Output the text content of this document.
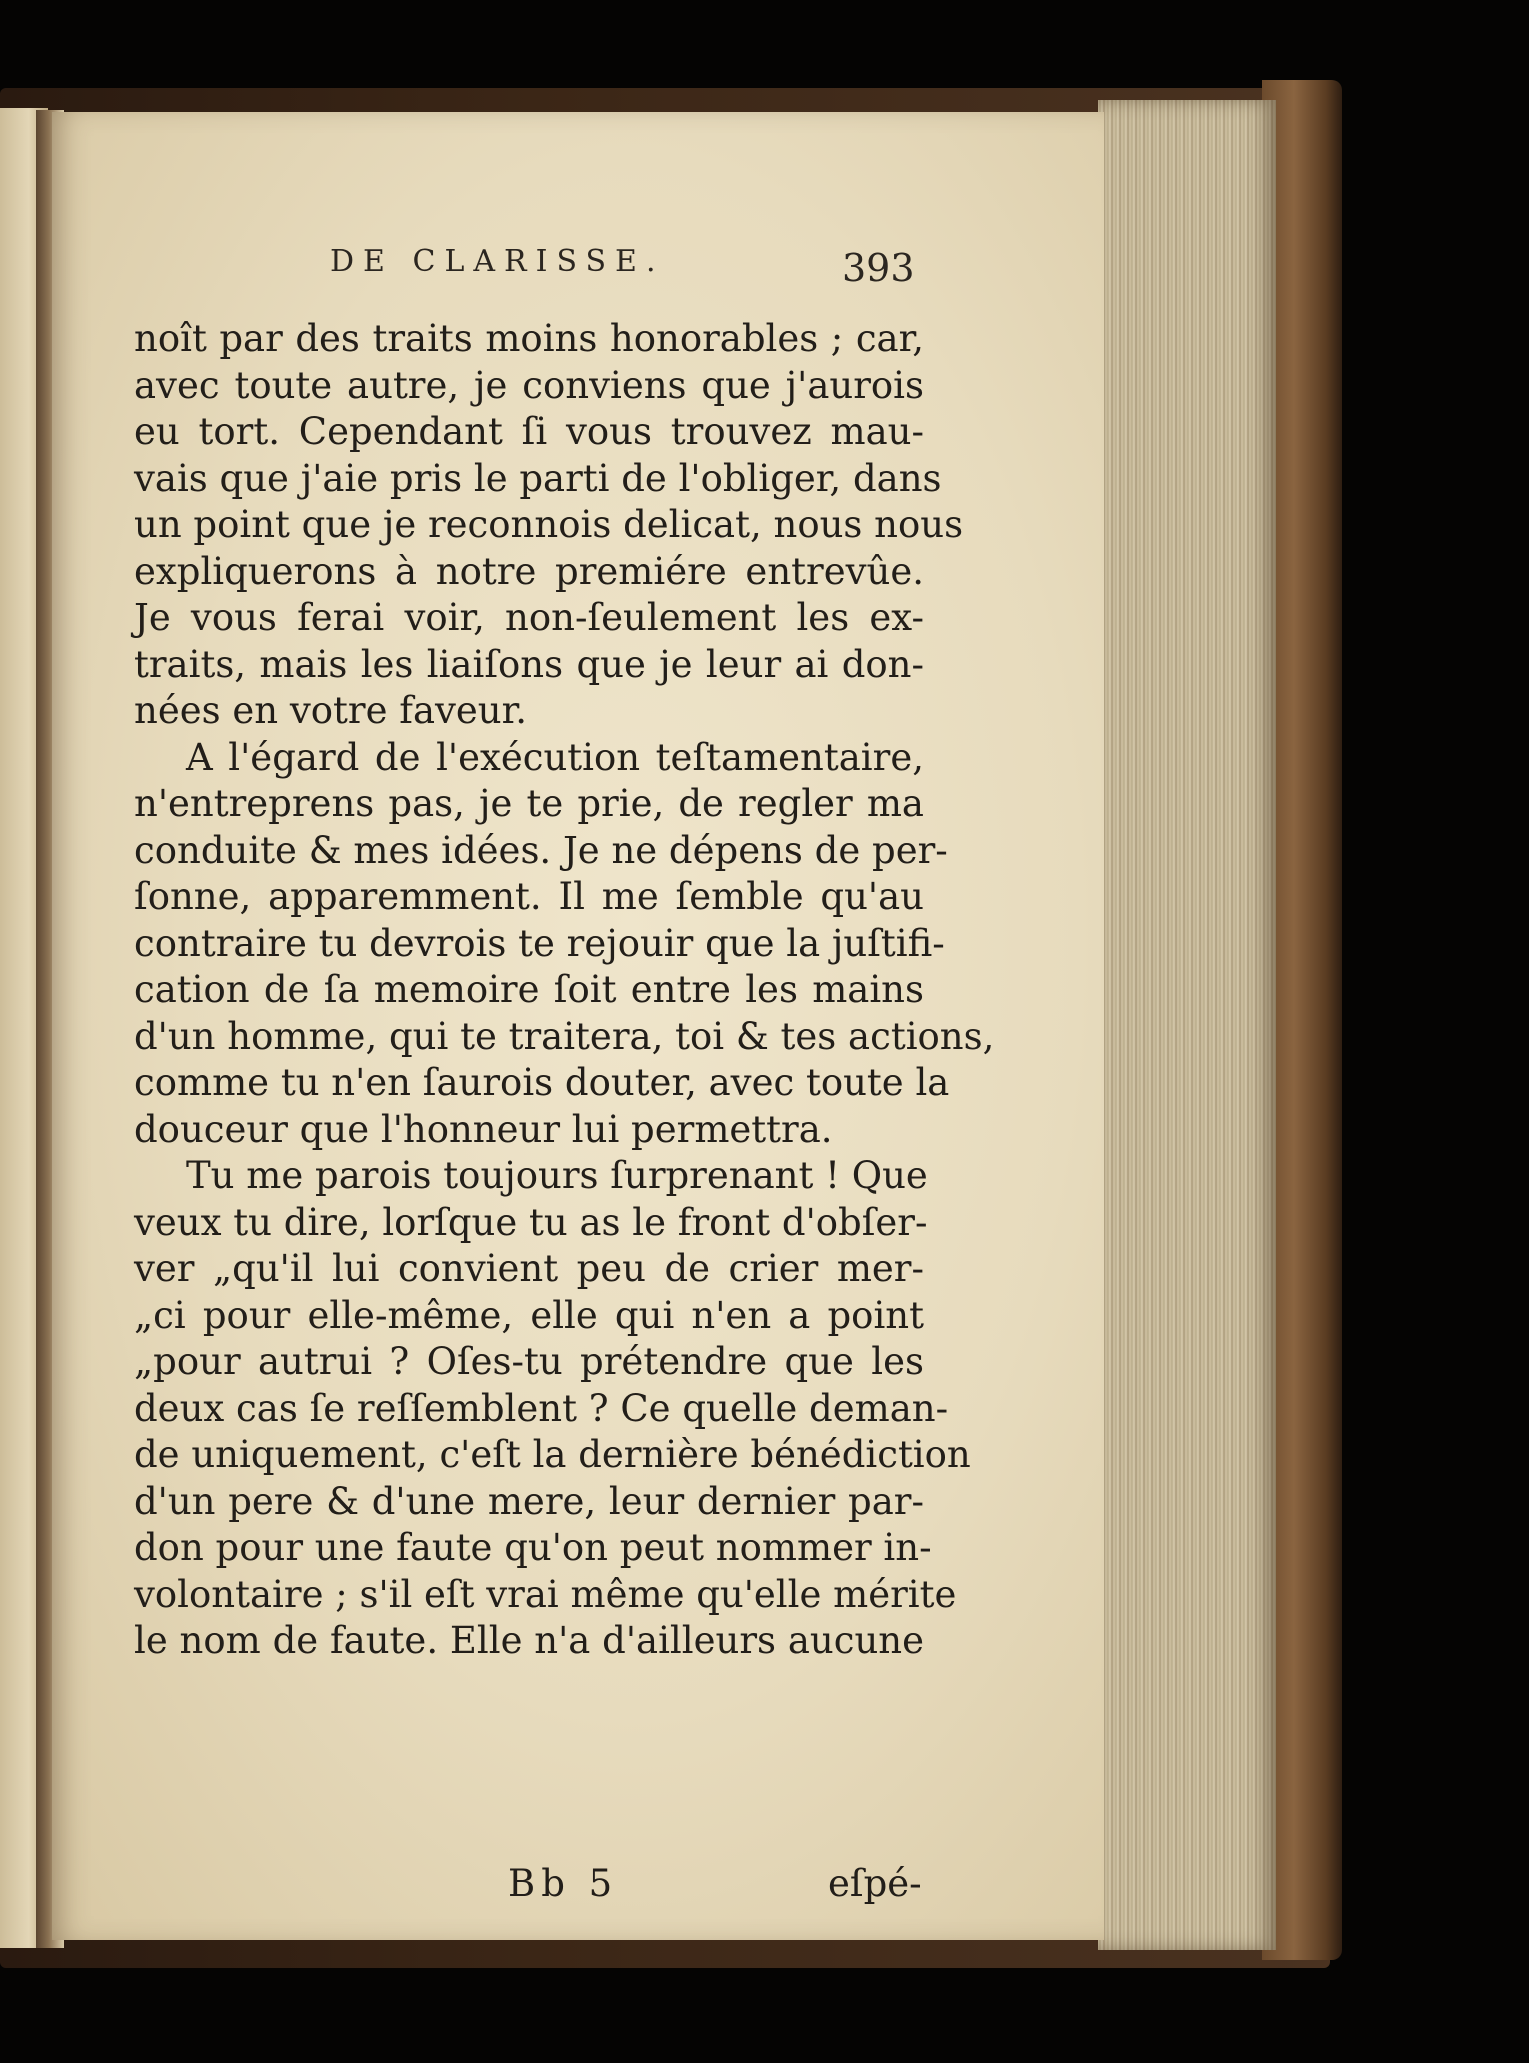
DE CLARISSE.	393
noît par des traits moins honorables ; car,
avec toute autre, je conviens que j'aurois
eu tort. Cependant ſi vous trouvez mau-
vais que j'aie pris le parti de l'obliger, dans
un point que je reconnois delicat, nous nous
expliquerons à notre premiére entrevûe.
Je vous ferai voir, non-ſeulement les ex-
traits, mais les liaiſons que je leur ai don-
nées en votre faveur.
A l'égard de l'exécution teſtamentaire,
n'entreprens pas, je te prie, de regler ma
conduite & mes idées. Je ne dépens de per-
ſonne, apparemment. Il me ſemble qu'au
contraire tu devrois te rejouir que la juſtifi-
cation de ſa memoire ſoit entre les mains
d'un homme, qui te traitera, toi & tes actions,
comme tu n'en ſaurois douter, avec toute la
douceur que l'honneur lui permettra.
Tu me parois toujours ſurprenant ! Que
veux tu dire, lorſque tu as le front d'obſer-
ver „qu'il lui convient peu de crier mer-
„ci pour elle-même, elle qui n'en a point
„pour autrui ? Oſes-tu prétendre que les
deux cas ſe reſſemblent ? Ce quelle deman-
de uniquement, c'eſt la dernière bénédiction
d'un pere & d'une mere, leur dernier par-
don pour une faute qu'on peut nommer in-
volontaire ; s'il eſt vrai même qu'elle mérite
le nom de faute. Elle n'a d'ailleurs aucune
Bb 5	eſpé-
